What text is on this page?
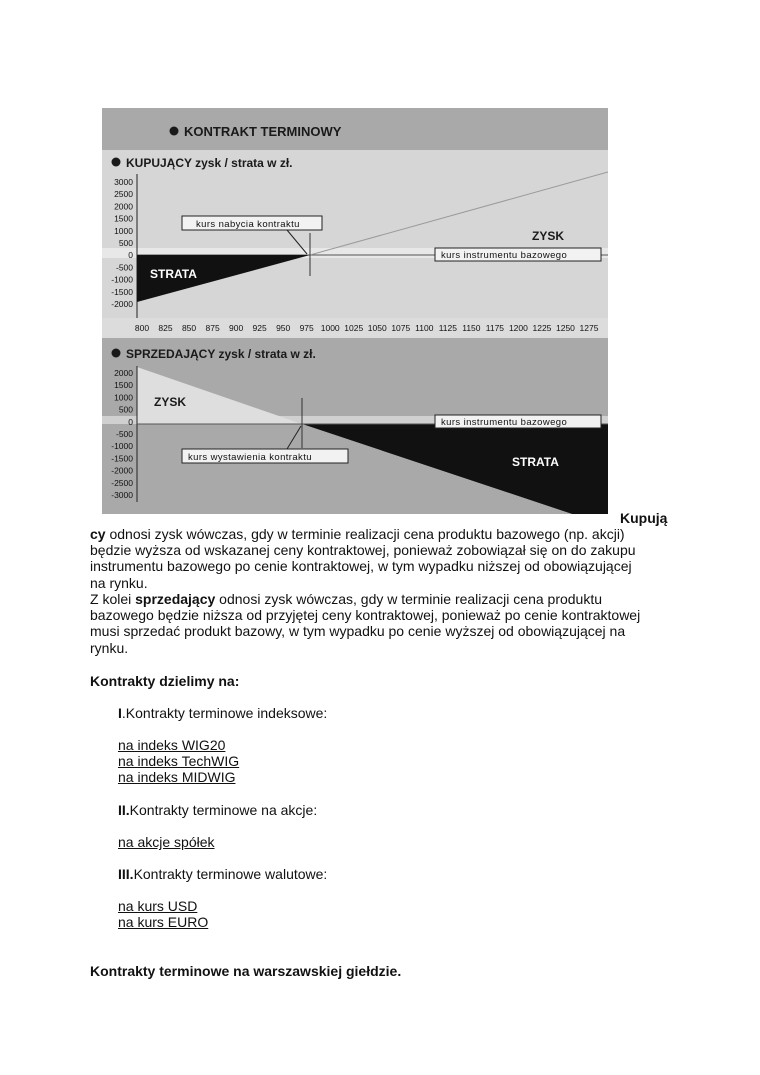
KONTRAKT TERMINOWY
KUPUJĄCY zysk / strata w zł.
3000
2500
2000
1500
1000
500
0
-500
-1000
-1500
-2000
kurs nabycia kontraktu
kurs instrumentu bazowego
STRATA
ZYSK
800 825 850 875 900 925 950 975 1000 1025 1050 1075 1100 1125 1150 1175 1200 1225 1250 1275
SPRZEDAJĄCY zysk / strata w zł.
2000
1500
1000
500
0
-500
-1000
-1500
-2000
-2500
-3000
kurs wystawienia kontraktu
kurs instrumentu bazowego
ZYSK
STRATA
Kupują
cy odnosi zysk wówczas, gdy w terminie realizacji cena produktu bazowego (np. akcji) będzie wyższa od wskazanej ceny kontraktowej, ponieważ zobowiązał się on do zakupu instrumentu bazowego po cenie kontraktowej, w tym wypadku niższej od obowiązującej na rynku.
Z kolei sprzedający odnosi zysk wówczas, gdy w terminie realizacji cena produktu bazowego będzie niższa od przyjętej ceny kontraktowej, ponieważ po cenie kontraktowej musi sprzedać produkt bazowy, w tym wypadku po cenie wyższej od obowiązującej na rynku.
Kontrakty dzielimy na:
I.Kontrakty terminowe indeksowe:
na indeks WIG20
na indeks TechWIG
na indeks MIDWIG
II.Kontrakty terminowe na akcje:
na akcje spółek
III.Kontrakty terminowe walutowe:
na kurs USD
na kurs EURO
Kontrakty terminowe na warszawskiej giełdzie.
